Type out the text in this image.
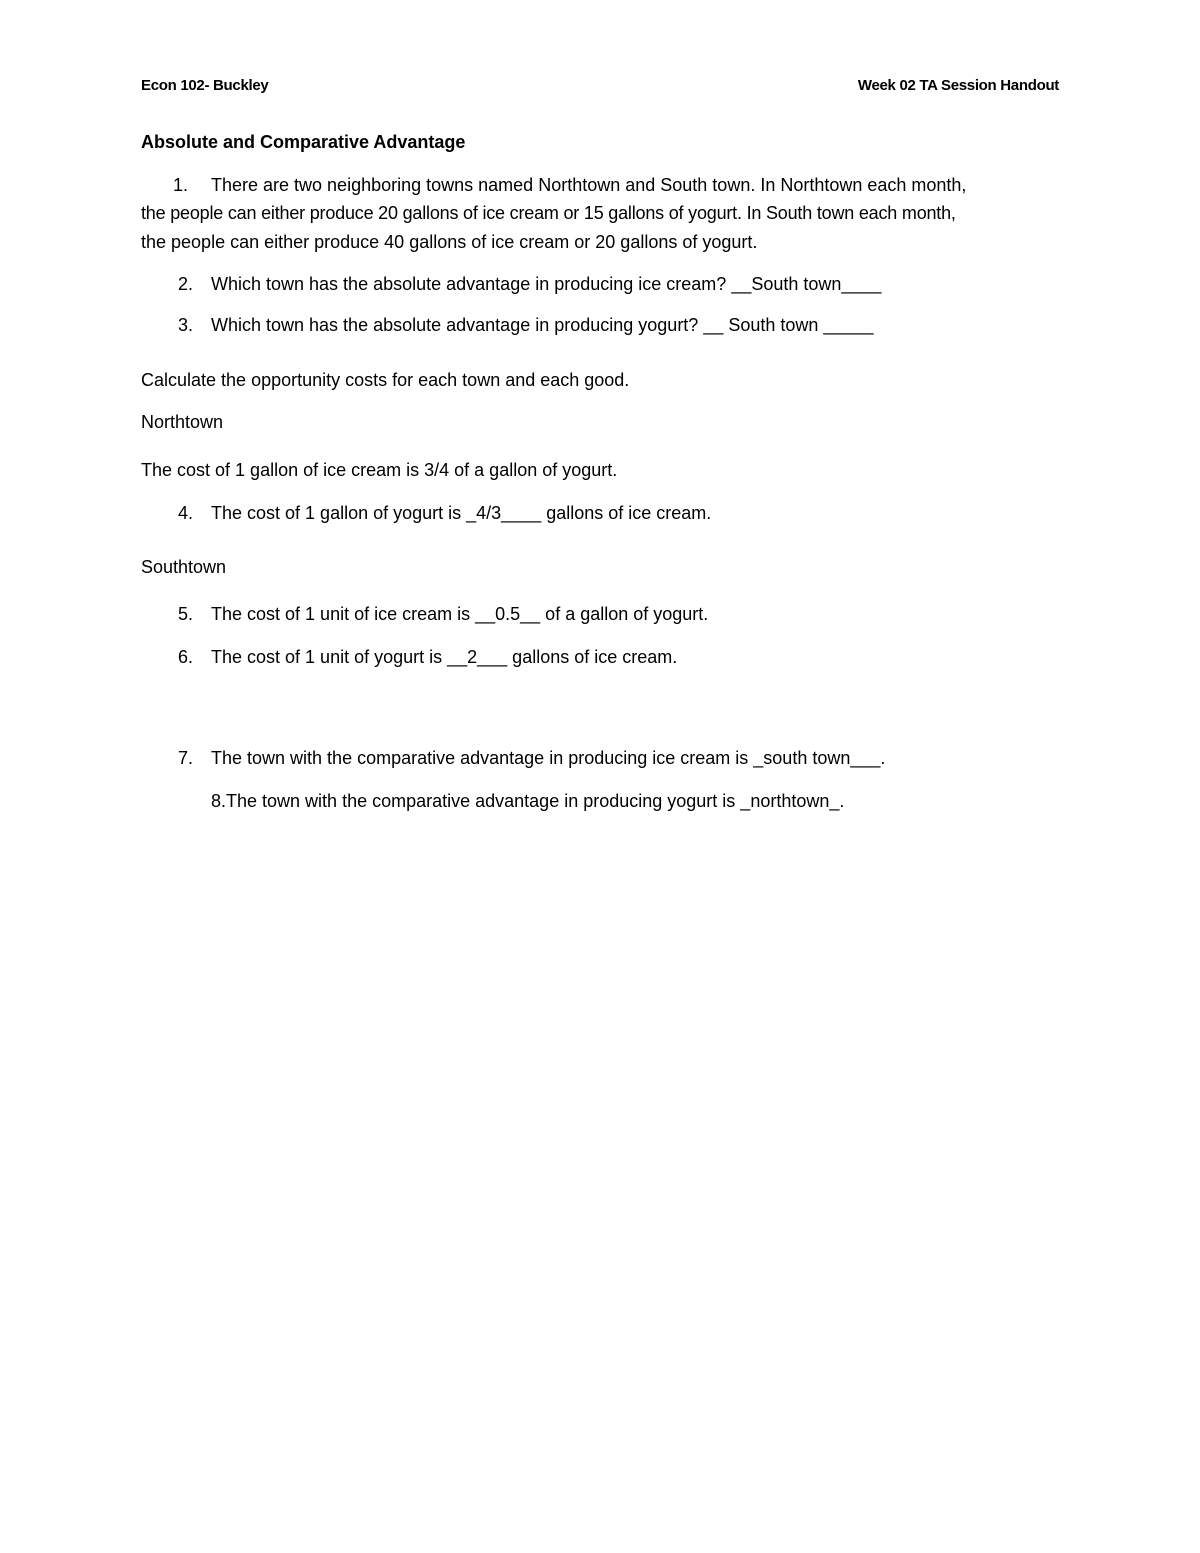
Econ 102- Buckley	Week 02 TA Session Handout
Absolute and Comparative Advantage
1. There are two neighboring towns named Northtown and South town. In Northtown each month,
the people can either produce 20 gallons of ice cream or 15 gallons of yogurt. In South town each month,
the people can either produce 40 gallons of ice cream or 20 gallons of yogurt.
2. Which town has the absolute advantage in producing ice cream? __South town____
3. Which town has the absolute advantage in producing yogurt? __ South town _____
Calculate the opportunity costs for each town and each good.
Northtown
The cost of 1 gallon of ice cream is 3/4 of a gallon of yogurt.
4. The cost of 1 gallon of yogurt is _4/3____ gallons of ice cream.
Southtown
5. The cost of 1 unit of ice cream is __0.5__ of a gallon of yogurt.
6. The cost of 1 unit of yogurt is __2___ gallons of ice cream.
7. The town with the comparative advantage in producing ice cream is _south town___.
8.The town with the comparative advantage in producing yogurt is _northtown_.
